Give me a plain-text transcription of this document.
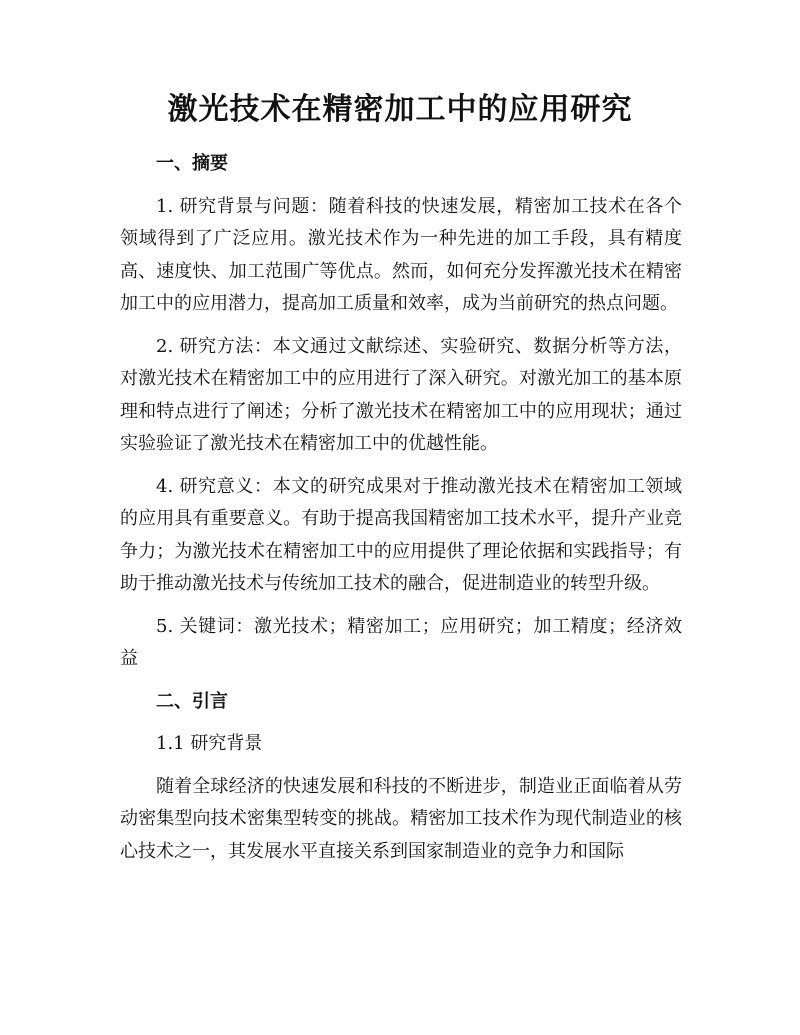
激光技术在精密加工中的应用研究
一、摘要

1. 研究背景与问题：随着科技的快速发展，精密加工技术在各个领域得到了广泛应用。激光技术作为一种先进的加工手段，具有精度高、速度快、加工范围广等优点。然而，如何充分发挥激光技术在精密加工中的应用潜力，提高加工质量和效率，成为当前研究的热点问题。

2. 研究方法：本文通过文献综述、实验研究、数据分析等方法，对激光技术在精密加工中的应用进行了深入研究。对激光加工的基本原理和特点进行了阐述；分析了激光技术在精密加工中的应用现状；通过实验验证了激光技术在精密加工中的优越性能。

4. 研究意义：本文的研究成果对于推动激光技术在精密加工领域的应用具有重要意义。有助于提高我国精密加工技术水平，提升产业竞争力；为激光技术在精密加工中的应用提供了理论依据和实践指导；有助于推动激光技术与传统加工技术的融合，促进制造业的转型升级。

5. 关键词：激光技术；精密加工；应用研究；加工精度；经济效益

二、引言

1.1 研究背景

随着全球经济的快速发展和科技的不断进步，制造业正面临着从劳动密集型向技术密集型转变的挑战。精密加工技术作为现代制造业的核心技术之一，其发展水平直接关系到国家制造业的竞争力和国际
